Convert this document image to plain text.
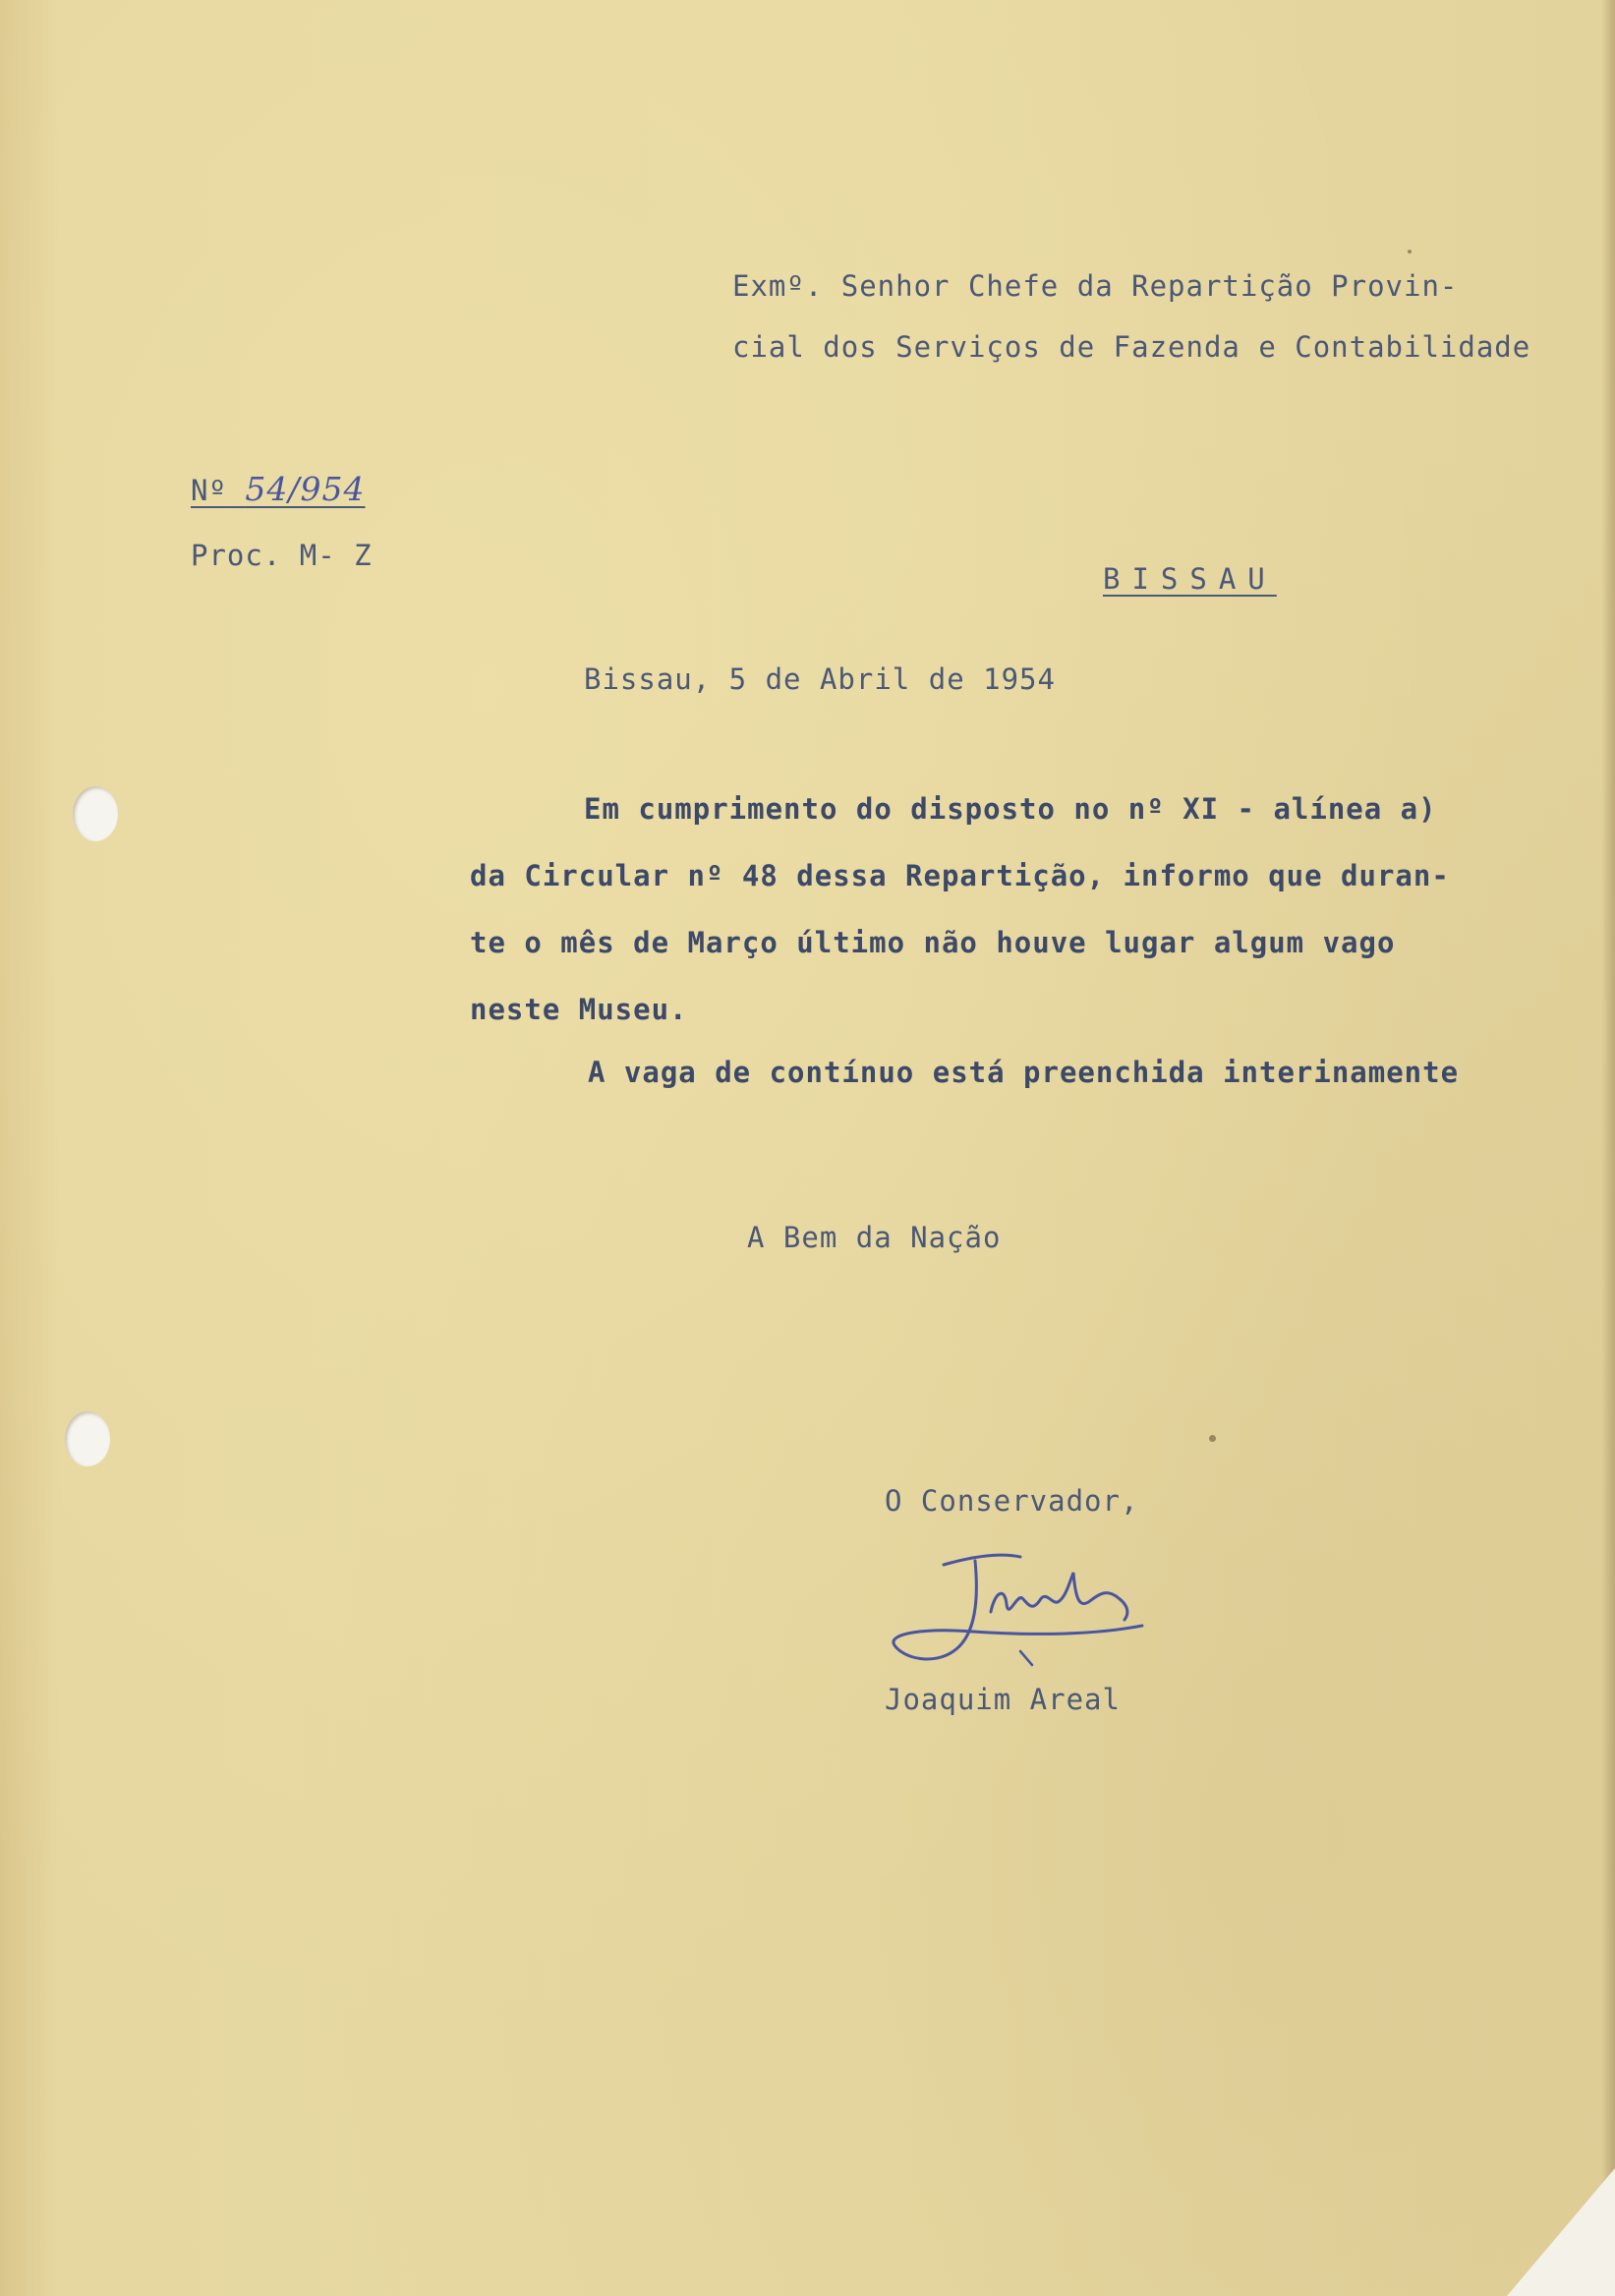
Exmº. Senhor Chefe da Repartição Provin-

cial dos Serviços de Fazenda e Contabilidade

Nº 54/954

Proc. M- Z

BISSAU

Bissau, 5 de Abril de 1954

Em cumprimento do disposto no nº XI - alínea a)

da Circular nº 48 dessa Repartição, informo que duran-

te o mês de Março último não houve lugar algum vago

neste Museu.

A vaga de contínuo está preenchida interinamente

A Bem da Nação

O Conservador,

Joaquim Areal
